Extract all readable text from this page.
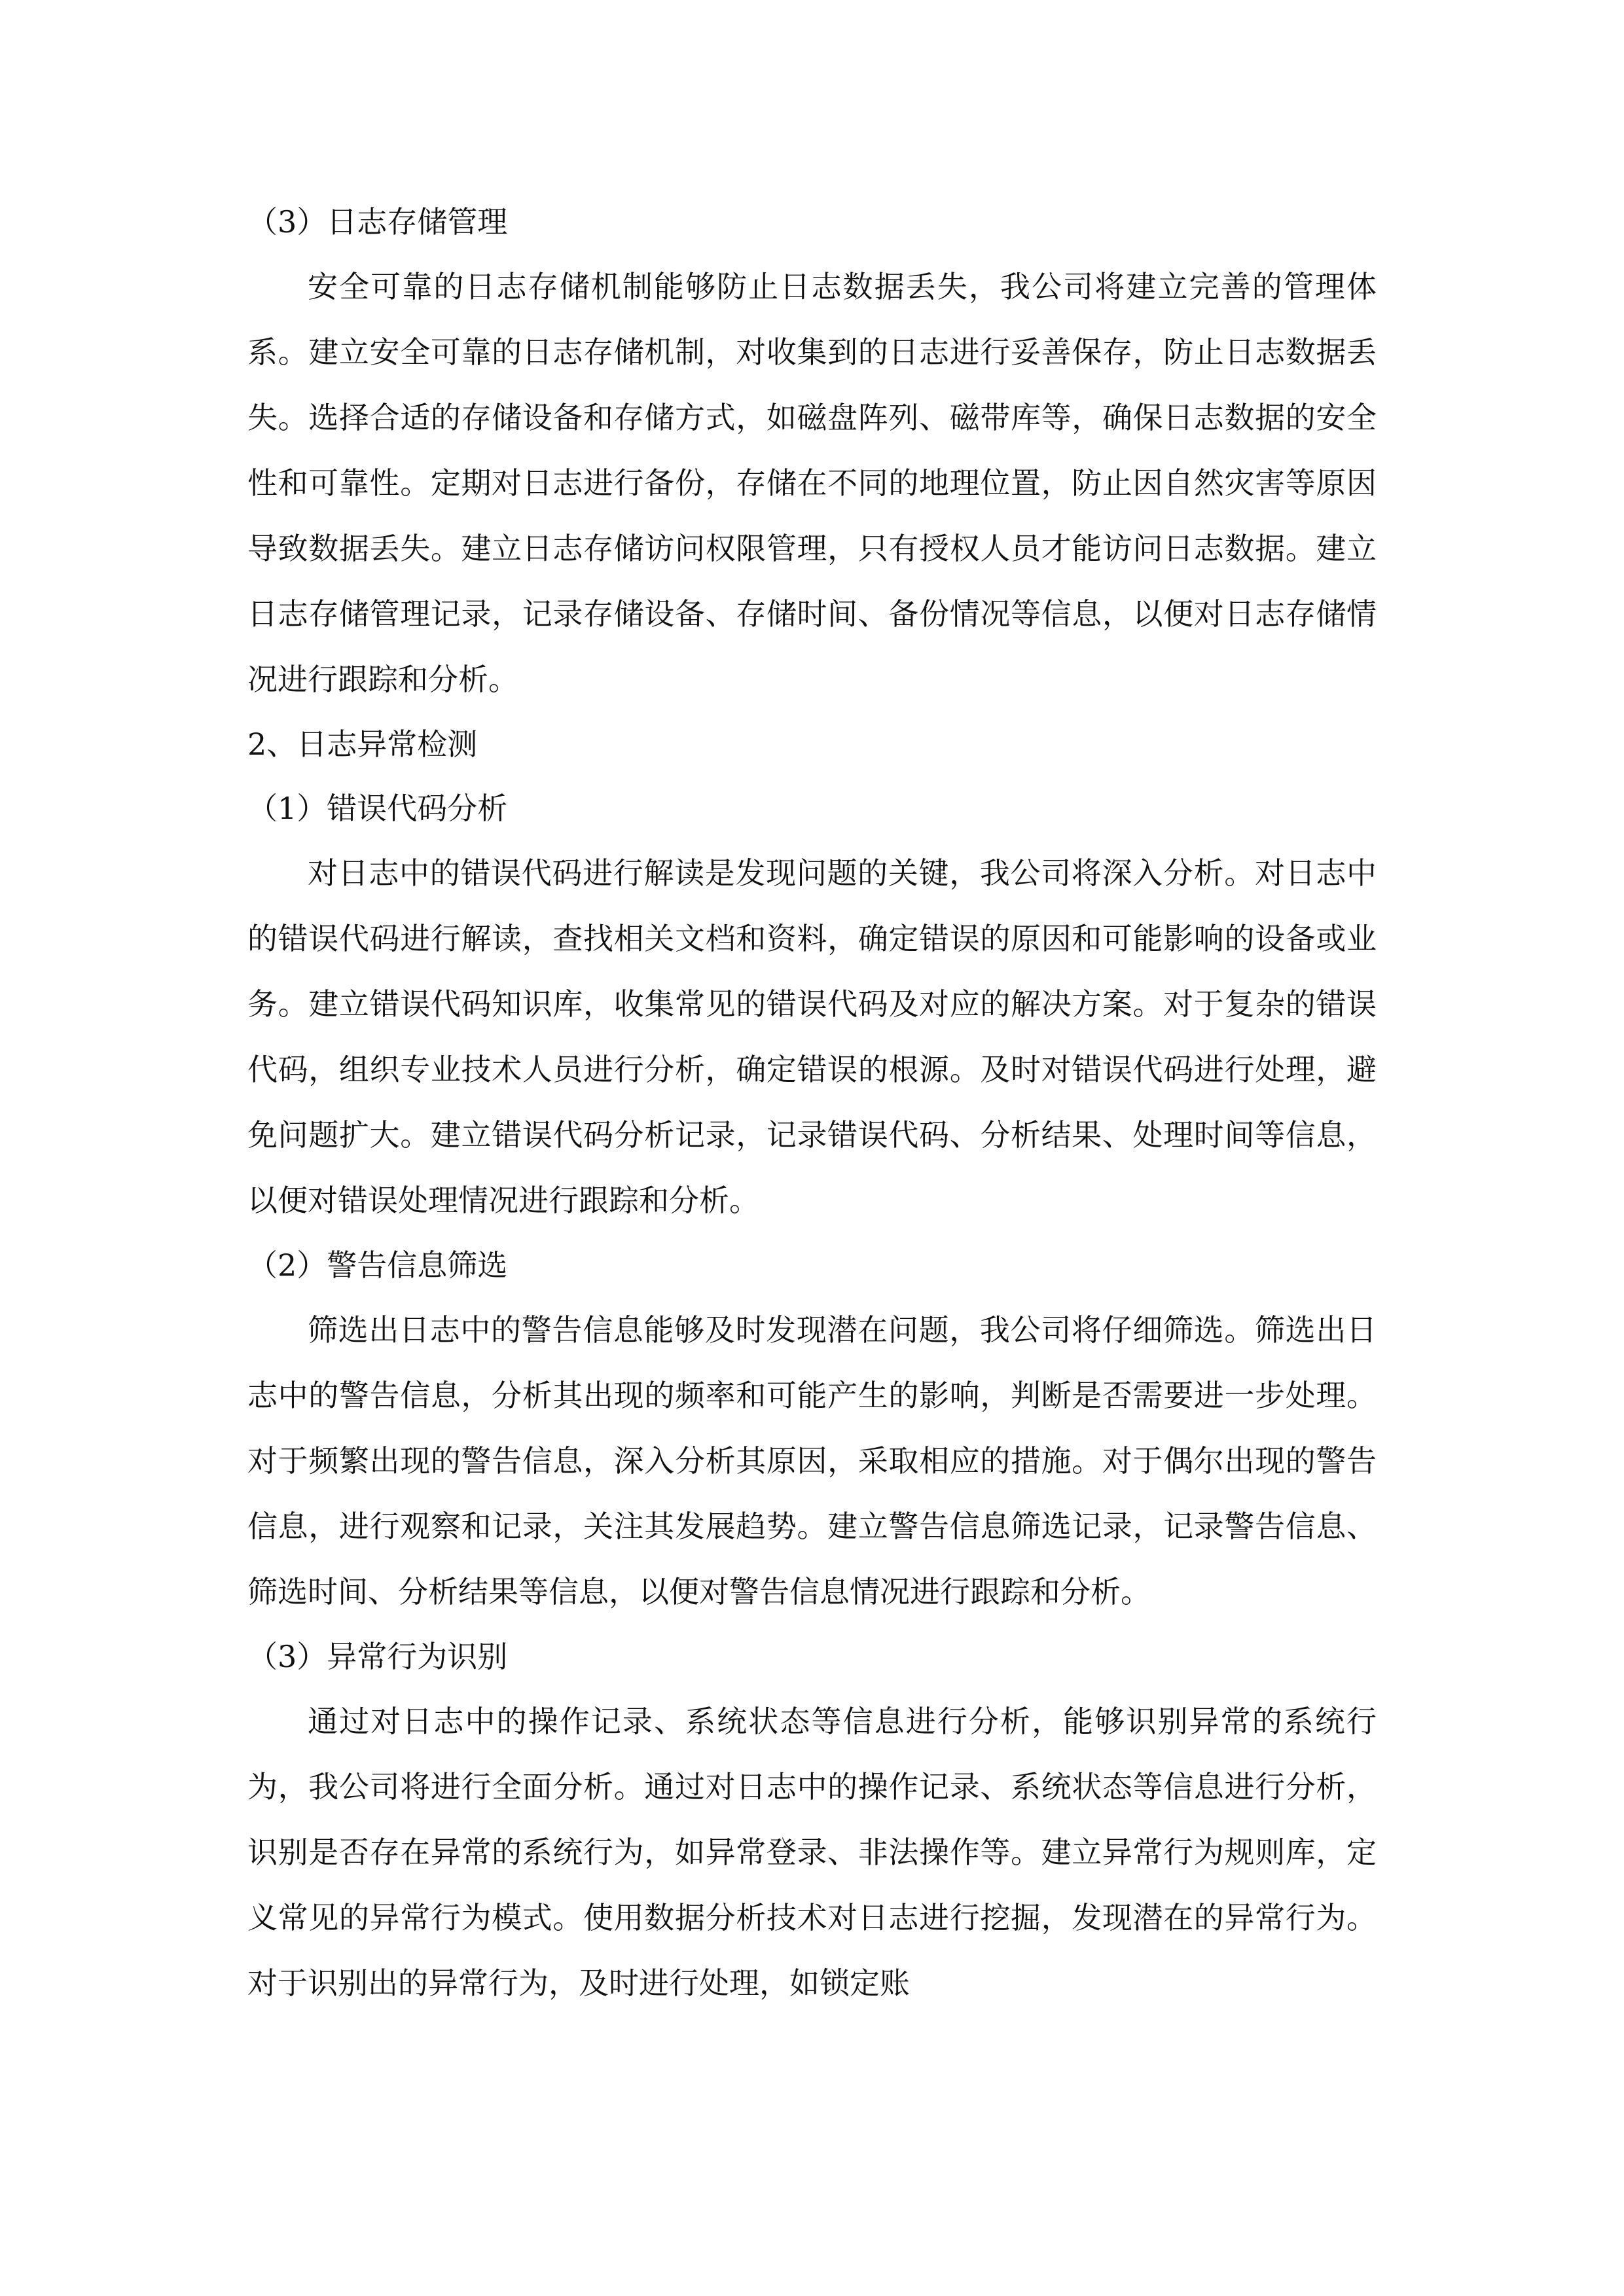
（3）日志存储管理

安全可靠的日志存储机制能够防止日志数据丢失，我公司将建立完善的管理体系。建立安全可靠的日志存储机制，对收集到的日志进行妥善保存，防止日志数据丢失。选择合适的存储设备和存储方式，如磁盘阵列、磁带库等，确保日志数据的安全性和可靠性。定期对日志进行备份，存储在不同的地理位置，防止因自然灾害等原因导致数据丢失。建立日志存储访问权限管理，只有授权人员才能访问日志数据。建立日志存储管理记录，记录存储设备、存储时间、备份情况等信息，以便对日志存储情况进行跟踪和分析。

2、日志异常检测

（1）错误代码分析

对日志中的错误代码进行解读是发现问题的关键，我公司将深入分析。对日志中的错误代码进行解读，查找相关文档和资料，确定错误的原因和可能影响的设备或业务。建立错误代码知识库，收集常见的错误代码及对应的解决方案。对于复杂的错误代码，组织专业技术人员进行分析，确定错误的根源。及时对错误代码进行处理，避免问题扩大。建立错误代码分析记录，记录错误代码、分析结果、处理时间等信息，以便对错误处理情况进行跟踪和分析。

（2）警告信息筛选

筛选出日志中的警告信息能够及时发现潜在问题，我公司将仔细筛选。筛选出日志中的警告信息，分析其出现的频率和可能产生的影响，判断是否需要进一步处理。对于频繁出现的警告信息，深入分析其原因，采取相应的措施。对于偶尔出现的警告信息，进行观察和记录，关注其发展趋势。建立警告信息筛选记录，记录警告信息、筛选时间、分析结果等信息，以便对警告信息情况进行跟踪和分析。

（3）异常行为识别

通过对日志中的操作记录、系统状态等信息进行分析，能够识别异常的系统行为，我公司将进行全面分析。通过对日志中的操作记录、系统状态等信息进行分析，识别是否存在异常的系统行为，如异常登录、非法操作等。建立异常行为规则库，定义常见的异常行为模式。使用数据分析技术对日志进行挖掘，发现潜在的异常行为。对于识别出的异常行为，及时进行处理，如锁定账
